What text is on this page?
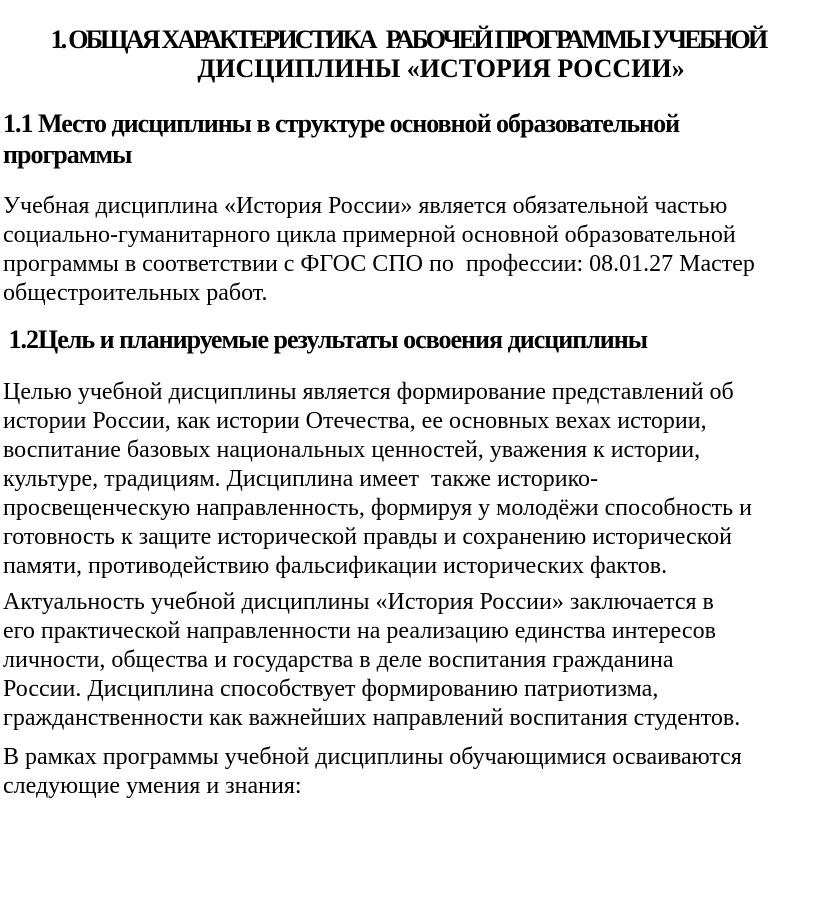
1. ОБЩАЯ ХАРАКТЕРИСТИКА   РАБОЧЕЙ ПРОГРАММЫ УЧЕБНОЙ
ДИСЦИПЛИНЫ «ИСТОРИЯ РОССИИ»
1.1 Место дисциплины в структуре основной образовательной
программы
Учебная дисциплина «История России» является обязательной частью
социально-гуманитарного цикла примерной основной образовательной
программы в соответствии с ФГОС СПО по  профессии: 08.01.27 Мастер
общестроительных работ.
1.2Цель и планируемые результаты освоения дисциплины
Целью учебной дисциплины является формирование представлений об
истории России, как истории Отечества, ее основных вехах истории,
воспитание базовых национальных ценностей, уважения к истории,
культуре, традициям. Дисциплина имеет  также историко-
просвещенческую направленность, формируя у молодёжи способность и
готовность к защите исторической правды и сохранению исторической
памяти, противодействию фальсификации исторических фактов.
Актуальность учебной дисциплины «История России» заключается в
его практической направленности на реализацию единства интересов
личности, общества и государства в деле воспитания гражданина
России. Дисциплина способствует формированию патриотизма,
гражданственности как важнейших направлений воспитания студентов.
В рамках программы учебной дисциплины обучающимися осваиваются
следующие умения и знания:
